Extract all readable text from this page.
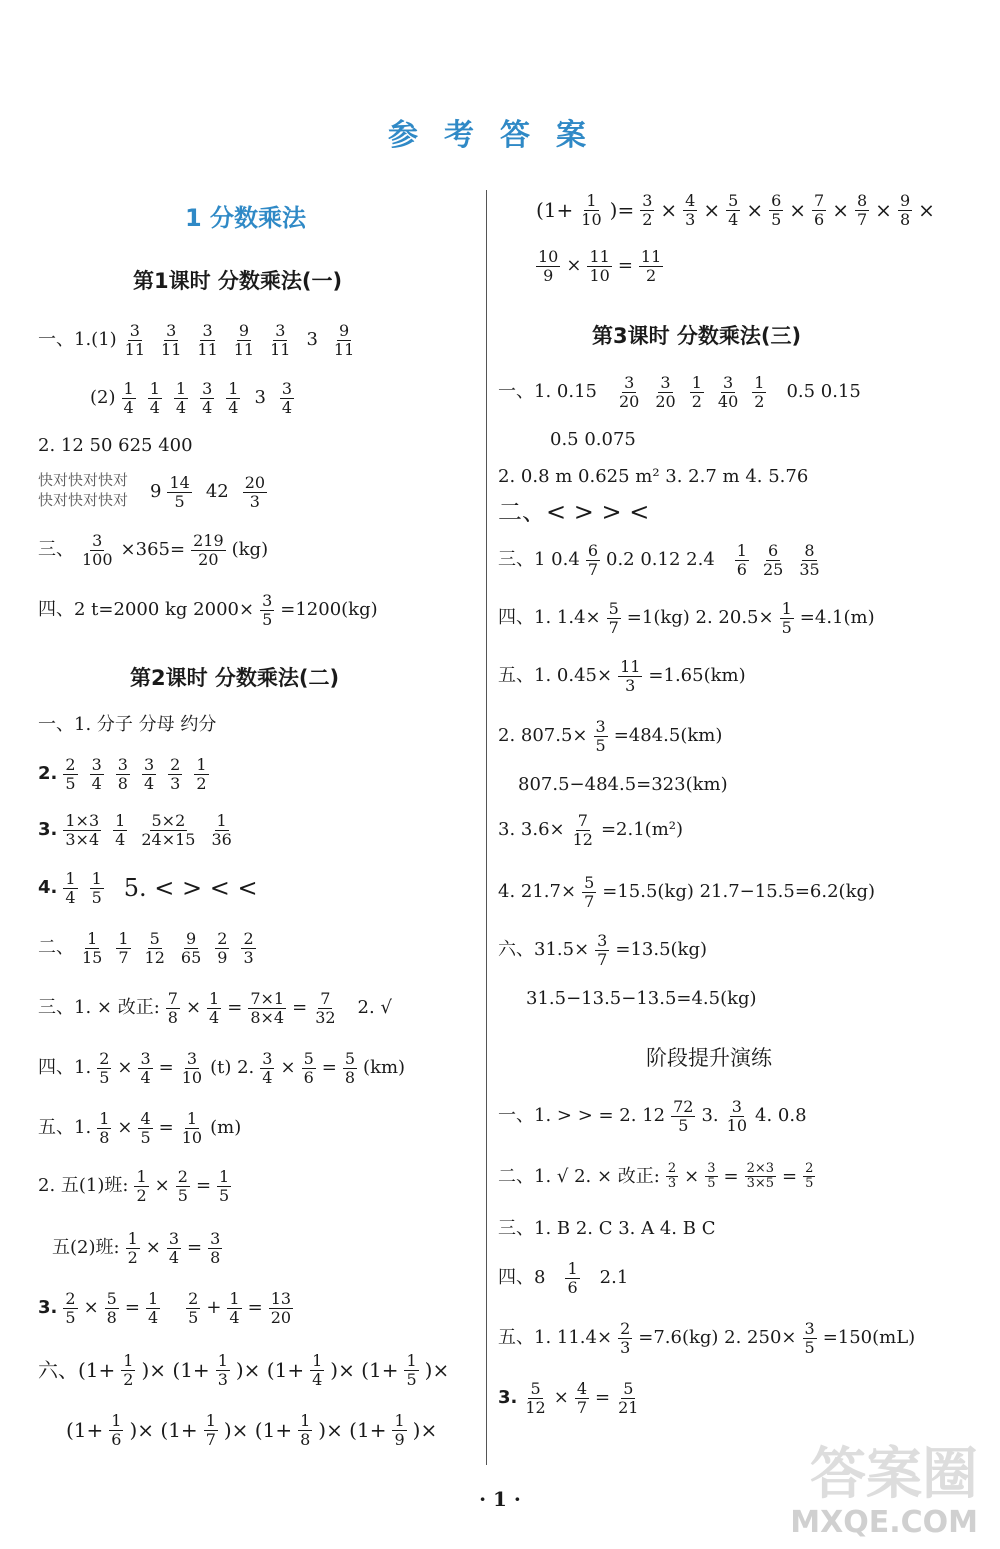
参考答案
1 分数乘法
第1课时 分数乘法(一)
一、1.(1) 3
11
3
11
3
11
9
11
3
11 3 9
11
(2) 1
4
1
4
1
4
3
4
1
4 3 3
4
2. 12 50 625 400
快对快对快对
快对快对快对 9 14
5 42 20
3
三、 $\frac{3}{100} \times 365= \frac{219}{20} (kg)$
四、2 t=2000 kg $2000\times \frac{3}{5} =1200(kg)$
第2课时 分数乘法(二)
一、1. 分子 分母 约分
2. 2
5
3
4
3
8
3
4
2
3
1
2
3. 1×3
3×4
1
4
5×2
24×15
1
36
4. 1
4
1
5 5. < > < <
二、 1
15
1
7
5
12
9
65
2
9
2
3
三、1. × 改正: 7
8 × 1
4 = 7×1
8×4 = 7
32 2. √
四、1. 2
5 × 3
4 = 3
10 (t) 2. 3
4 × 5
6 = 5
8 (km)
五、1. 1
8 × 4
5 = 1
10 (m)
2. 五(1)班: 1
2 × 2
5 = 1
5
五(2)班: 1
2 × 3
4 = 3
8
3. 2
5 × 5
8 = 1
4
2
5 + 1
4 = 13
20
六、 (1+ 1
2 )× (1+ 1
3 )× (1+ 1
4 )× (1+ 1
5 )×
(1+ 1
6 )× (1+ 1
7 )× (1+ 1
8 )× (1+ 1
9 )×
($1+ \frac{1}{10}$ )= $\frac{3}{2} \times 4$
3 × 5
4 × 6
5 × 7
6 × 8
7 × 9
8 ×
10
9 × 11
10 = 11
2
第3课时 分数乘法(三)
一、1. 0.15 3
20
3
20
1
2
3
40
1
2 0.5 0.15
0.5 0.075
2. 0.8 m 0.625 m² 3. 2.7 m 4. 5.76
二、< > > <
三、1 0.4 6
7 0.2 0.12 2.4 1
6
6
25
8
35
四、1. $1.4\times \frac{5}{7} =1(kg)$ 2. $20.5\times \frac{1}{5} =4.1(m)$
五、1. $0.45\times \frac{11}{3} =1.65(km)$
2. $807.5\times \frac{3}{5} =484.5(km)$
807.5−484.5=323(km)
3. $3.6\times \frac{7}{12} =2.1(m^2)$
4. $21.7\times \frac{5}{7} =15.5(kg)$ 21.7−15.5=6.2(kg)
六、$31.5\times \frac{3}{7} =13.5(kg)$
31.5−13.5−13.5=4.5(kg)
阶段提升演练
一、1. > > = 2. 12 72
5 3. 3
10 4. 0.8
二、1. √ 2. × 改正: 2
3 × 3
5 = 2×3
3×5 = 2
5
三、1. B 2. C 3. A 4. B C
四、8 1
6 2.1
五、1. $11.4\times \frac{2}{3} =7.6(kg)$ 2. $250\times \frac{3}{5} =150(mL)$
3. 5
12 × 4
7 = 5
21
· 1 ·	答案圈
MXQE.COM
